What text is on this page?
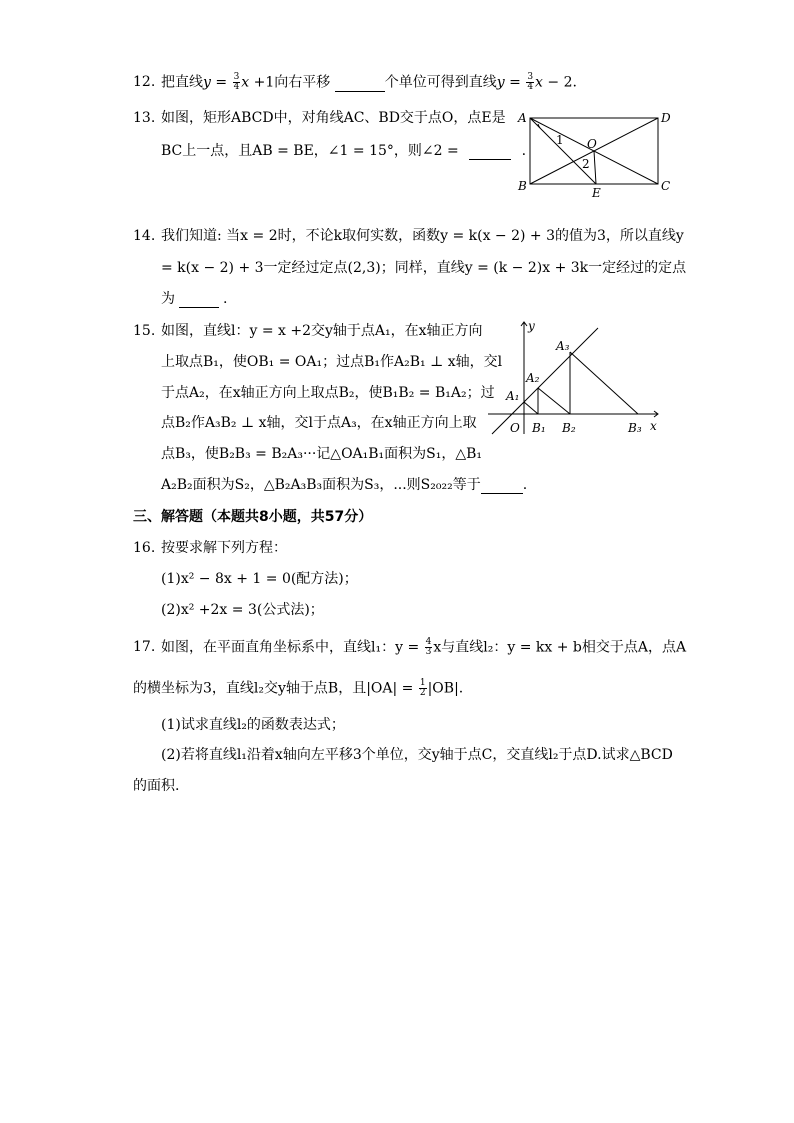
12. 把直线$y = \frac{3}{4}$ x +1向右平移	个单位可得到直线$y = \frac{3}{4}$ x − 2.
13. 如图，矩形ABCD中，对角线AC、BD交于点O，点E是
BC上一点，且AB = BE，∠1 = 15°，则∠2 =	.
A	D
B	C
O
E
1
2
14. 我们知道: 当x = 2时，不论k取何实数，函数y = k(x − 2) + 3的值为3，所以直线y
= k(x − 2) + 3一定经过定点(2,3)；同样，直线y = (k − 2)x + 3k一定经过的定点
为	.
15. 如图，直线l：y = x +2交y轴于点A₁，在x轴正方向
上取点B₁，使OB₁ = OA₁；过点B₁作A₂B₁ ⊥ x轴，交l
于点A₂，在x轴正方向上取点B₂，使B₁B₂ = B₁A₂；过
点B₂作A₃B₂ ⊥ x轴，交l于点A₃，在x轴正方向上取
点B₃，使B₂B₃ = B₂A₃···记△OA₁B₁面积为S₁，△B₁
A₂B₂面积为S₂，△B₂A₃B₃面积为S₃，...则S₂₀₂₂等于	.
y
x
O
A₁
A₂
A₃
B₁ B₂	B₃
三、解答题（本题共8小题，共57分）
16. 按要求解下列方程：
(1)x² − 8x + 1 = 0(配方法)；
(2)x² +2x = 3(公式法)；
17. 如图，在平面直角坐标系中，直线l₁：$y = \frac{4}{3}$ x与直线l₂：y = kx + b相交于点A，点A
的横坐标为3，直线l₂交y轴于点B，且$|OA| = \frac{1}{2} |OB|$.
(1)试求直线l₂的函数表达式；
(2)若将直线l₁沿着x轴向左平移3个单位，交y轴于点C，交直线l₂于点D.试求△BCD
的面积.
